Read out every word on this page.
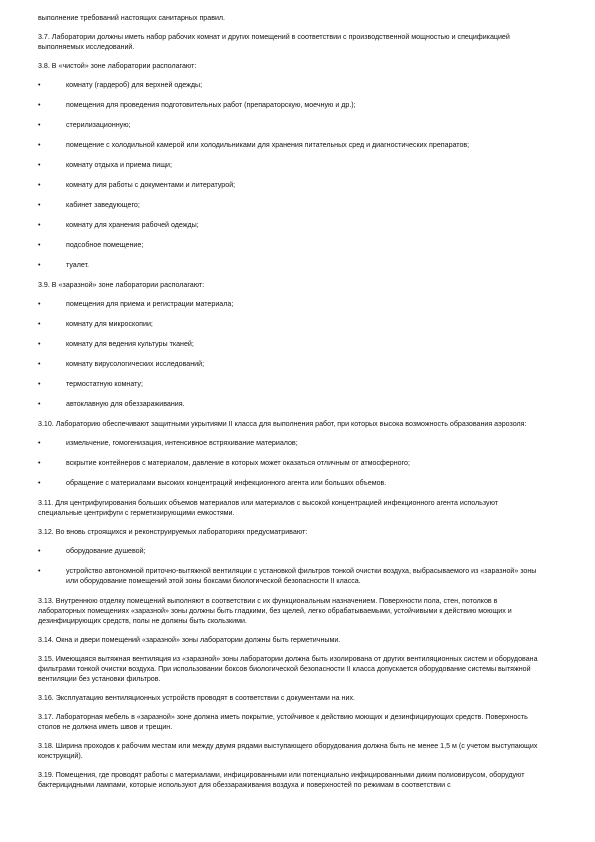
выполнение требований настоящих санитарных правил.

3.7. Лаборатории должны иметь набор рабочих комнат и других помещений в соответствии с производственной мощностью и спецификацией выполняемых исследований.

3.8. В «чистой» зоне лаборатории располагают:

•	комнату (гардероб) для верхней одежды;
•	помещения для проведения подготовительных работ (препараторскую, моечную и др.);
•	стерилизационную;
•	помещение с холодильной камерой или холодильниками для хранения питательных сред и диагностических препаратов;
•	комнату отдыха и приема пищи;
•	комнату для работы с документами и литературой;
•	кабинет заведующего;
•	комнату для хранения рабочей одежды;
•	подсобное помещение;
•	туалет.

3.9. В «заразной» зоне лаборатории располагают:

•	помещения для приема и регистрации материала;
•	комнату для микроскопии;
•	комнату для ведения культуры тканей;
•	комнату вирусологических исследований;
•	термостатную комнату;
•	автоклавную для обеззараживания.

3.10. Лабораторию обеспечивают защитными укрытиями II класса для выполнения работ, при которых высока возможность образования аэрозоля:

•	измельчение, гомогенизация, интенсивное встряхивание материалов;
•	вскрытие контейнеров с материалом, давление в которых может оказаться отличным от атмосферного;
•	обращение с материалами высоких концентраций инфекционного агента или больших объемов.

3.11. Для центрифугирования больших объемов материалов или материалов с высокой концентрацией инфекционного агента используют специальные центрифуги с герметизирующими емкостями.

3.12. Во вновь строящихся и реконструируемых лабораториях предусматривают:

•	оборудование душевой;
•	устройство автономной приточно-вытяжной вентиляции с установкой фильтров тонкой очистки воздуха, выбрасываемого из «заразной» зоны или оборудование помещений этой зоны боксами биологической безопасности II класса.

3.13. Внутреннюю отделку помещений выполняют в соответствии с их функциональным назначением. Поверхности пола, стен, потолков в лабораторных помещениях «заразной» зоны должны быть гладкими, без щелей, легко обрабатываемыми, устойчивыми к действию моющих и дезинфицирующих средств, полы не должны быть скользкими.

3.14. Окна и двери помещений «заразной» зоны лаборатории должны быть герметичными.

3.15. Имеющаяся вытяжная вентиляция из «заразной» зоны лаборатории должна быть изолирована от других вентиляционных систем и оборудована фильтрами тонкой очистки воздуха. При использовании боксов биологической безопасности II класса допускается оборудование системы вытяжной вентиляции без установки фильтров.

3.16. Эксплуатацию вентиляционных устройств проводят в соответствии с документами на них.

3.17. Лабораторная мебель в «заразной» зоне должна иметь покрытие, устойчивое к действию моющих и дезинфицирующих средств. Поверхность столов не должна иметь швов и трещин.

3.18. Ширина проходов к рабочим местам или между двумя рядами выступающего оборудования должна быть не менее 1,5 м (с учетом выступающих конструкций).

3.19. Помещения, где проводят работы с материалами, инфицированными или потенциально инфицированными диким полиовирусом, оборудуют бактерицидными лампами, которые используют для обеззараживания воздуха и поверхностей по режимам в соответствии с
